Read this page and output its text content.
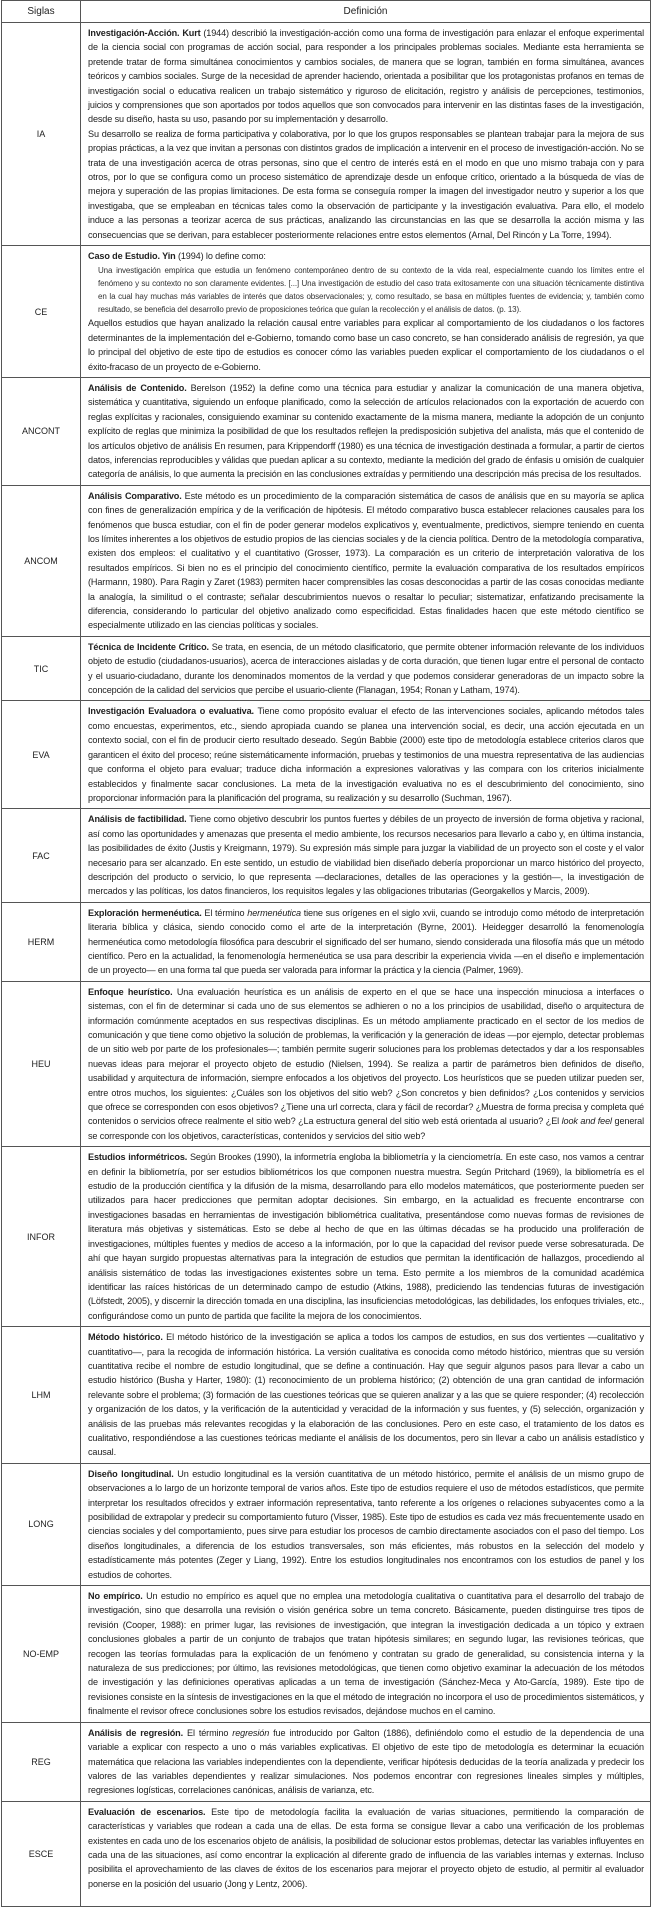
Siglas	Definición
IA	Investigación-Acción. Kurt (1944) describió la investigación-acción como una forma de investigación para enlazar el enfoque experimental de la ciencia social con programas de acción social, para responder a los principales problemas sociales. Mediante esta herramienta se pretende tratar de forma simultánea conocimientos y cambios sociales, de manera que se logran, también en forma simultánea, avances teóricos y cambios sociales. Surge de la necesidad de aprender haciendo, orientada a posibilitar que los protagonistas profanos en temas de investigación social o educativa realicen un trabajo sistemático y riguroso de elicitación, registro y análisis de percepciones, testimonios, juicios y comprensiones que son aportados por todos aquellos que son convocados para intervenir en las distintas fases de la investigación, desde su diseño, hasta su uso, pasando por su implementación y desarrollo.

Su desarrollo se realiza de forma participativa y colaborativa, por lo que los grupos responsables se plantean trabajar para la mejora de sus propias prácticas, a la vez que invitan a personas con distintos grados de implicación a intervenir en el proceso de investigación-acción. No se trata de una investigación acerca de otras personas, sino que el centro de interés está en el modo en que uno mismo trabaja con y para otros, por lo que se configura como un proceso sistemático de aprendizaje desde un enfoque crítico, orientado a la búsqueda de vías de mejora y superación de las propias limitaciones. De esta forma se conseguía romper la imagen del investigador neutro y superior a los que investigaba, que se empleaban en técnicas tales como la observación de participante y la investigación evaluativa. Para ello, el modelo induce a las personas a teorizar acerca de sus prácticas, analizando las circunstancias en las que se desarrolla la acción misma y las consecuencias que se derivan, para establecer posteriormente relaciones entre estos elementos (Arnal, Del Rincón y La Torre, 1994).

CE	Caso de Estudio. Yin (1994) lo define como:

Una investigación empírica que estudia un fenómeno contemporáneo dentro de su contexto de la vida real, especialmente cuando los límites entre el fenómeno y su contexto no son claramente evidentes. [...] Una investigación de estudio del caso trata exitosamente con una situación técnicamente distintiva en la cual hay muchas más variables de interés que datos observacionales; y, como resultado, se basa en múltiples fuentes de evidencia; y, también como resultado, se beneficia del desarrollo previo de proposiciones teórica que guían la recolección y el análisis de datos. (p. 13).

Aquellos estudios que hayan analizado la relación causal entre variables para explicar al comportamiento de los ciudadanos o los factores determinantes de la implementación del e-Gobierno, tomando como base un caso concreto, se han considerado análisis de regresión, ya que lo principal del objetivo de este tipo de estudios es conocer cómo las variables pueden explicar el comportamiento de los ciudadanos o el éxito-fracaso de un proyecto de e-Gobierno.

ANCONT	Análisis de Contenido. Berelson (1952) la define como una técnica para estudiar y analizar la comunicación de una manera objetiva, sistemática y cuantitativa, siguiendo un enfoque planificado, como la selección de artículos relacionados con la exportación de acuerdo con reglas explícitas y racionales, consiguiendo examinar su contenido exactamente de la misma manera, mediante la adopción de un conjunto explícito de reglas que minimiza la posibilidad de que los resultados reflejen la predisposición subjetiva del analista, más que el contenido de los artículos objetivo de análisis En resumen, para Krippendorff (1980) es una técnica de investigación destinada a formular, a partir de ciertos datos, inferencias reproducibles y válidas que puedan aplicar a su contexto, mediante la medición del grado de énfasis u omisión de cualquier categoría de análisis, lo que aumenta la precisión en las conclusiones extraídas y permitiendo una descripción más precisa de los resultados.

ANCOM	Análisis Comparativo. Este método es un procedimiento de la comparación sistemática de casos de análisis que en su mayoría se aplica con fines de generalización empírica y de la verificación de hipótesis. El método comparativo busca establecer relaciones causales para los fenómenos que busca estudiar, con el fin de poder generar modelos explicativos y, eventualmente, predictivos, siempre teniendo en cuenta los límites inherentes a los objetivos de estudio propios de las ciencias sociales y de la ciencia política. Dentro de la metodología comparativa, existen dos empleos: el cualitativo y el cuantitativo (Grosser, 1973). La comparación es un criterio de interpretación valorativa de los resultados empíricos. Si bien no es el principio del conocimiento científico, permite la evaluación comparativa de los resultados empíricos (Harmann, 1980). Para Ragin y Zaret (1983) permiten hacer comprensibles las cosas desconocidas a partir de las cosas conocidas mediante la analogía, la similitud o el contraste; señalar descubrimientos nuevos o resaltar lo peculiar; sistematizar, enfatizando precisamente la diferencia, considerando lo particular del objetivo analizado como especificidad. Estas finalidades hacen que este método científico se especialmente utilizado en las ciencias políticas y sociales.

TIC	Técnica de Incidente Crítico. Se trata, en esencia, de un método clasificatorio, que permite obtener información relevante de los individuos objeto de estudio (ciudadanos-usuarios), acerca de interacciones aisladas y de corta duración, que tienen lugar entre el personal de contacto y el usuario-ciudadano, durante los denominados momentos de la verdad y que podemos considerar generadoras de un impacto sobre la concepción de la calidad del servicios que percibe el usuario-cliente (Flanagan, 1954; Ronan y Latham, 1974).

EVA	Investigación Evaluadora o evaluativa. Tiene como propósito evaluar el efecto de las intervenciones sociales, aplicando métodos tales como encuestas, experimentos, etc., siendo apropiada cuando se planea una intervención social, es decir, una acción ejecutada en un contexto social, con el fin de producir cierto resultado deseado. Según Babbie (2000) este tipo de metodología establece criterios claros que garanticen el éxito del proceso; reúne sistemáticamente información, pruebas y testimonios de una muestra representativa de las audiencias que conforma el objeto para evaluar; traduce dicha información a expresiones valorativas y las compara con los criterios inicialmente establecidos y finalmente sacar conclusiones. La meta de la investigación evaluativa no es el descubrimiento del conocimiento, sino proporcionar información para la planificación del programa, su realización y su desarrollo (Suchman, 1967).

FAC	Análisis de factibilidad. Tiene como objetivo descubrir los puntos fuertes y débiles de un proyecto de inversión de forma objetiva y racional, así como las oportunidades y amenazas que presenta el medio ambiente, los recursos necesarios para llevarlo a cabo y, en última instancia, las posibilidades de éxito (Justis y Kreigmann, 1979). Su expresión más simple para juzgar la viabilidad de un proyecto son el coste y el valor necesario para ser alcanzado. En este sentido, un estudio de viabilidad bien diseñado debería proporcionar un marco histórico del proyecto, descripción del producto o servicio, lo que representa —declaraciones, detalles de las operaciones y la gestión—, la investigación de mercados y las políticas, los datos financieros, los requisitos legales y las obligaciones tributarias (Georgakellos y Marcis, 2009).

HERM	Exploración hermenéutica. El término hermenéutica tiene sus orígenes en el siglo xvii, cuando se introdujo como método de interpretación literaria bíblica y clásica, siendo conocido como el arte de la interpretación (Byrne, 2001). Heidegger desarrolló la fenomenología hermenéutica como metodología filosófica para descubrir el significado del ser humano, siendo considerada una filosofía más que un método científico. Pero en la actualidad, la fenomenología hermenéutica se usa para describir la experiencia vivida —en el diseño e implementación de un proyecto— en una forma tal que pueda ser valorada para informar la práctica y la ciencia (Palmer, 1969).

HEU	Enfoque heurístico. Una evaluación heurística es un análisis de experto en el que se hace una inspección minuciosa a interfaces o sistemas, con el fin de determinar si cada uno de sus elementos se adhieren o no a los principios de usabilidad, diseño o arquitectura de información comúnmente aceptados en sus respectivas disciplinas. Es un método ampliamente practicado en el sector de los medios de comunicación y que tiene como objetivo la solución de problemas, la verificación y la generación de ideas —por ejemplo, detectar problemas de un sitio web por parte de los profesionales—; también permite sugerir soluciones para los problemas detectados y dar a los responsables nuevas ideas para mejorar el proyecto objeto de estudio (Nielsen, 1994). Se realiza a partir de parámetros bien definidos de diseño, usabilidad y arquitectura de información, siempre enfocados a los objetivos del proyecto. Los heurísticos que se pueden utilizar pueden ser, entre otros muchos, los siguientes: ¿Cuáles son los objetivos del sitio web? ¿Son concretos y bien definidos? ¿Los contenidos y servicios que ofrece se corresponden con esos objetivos? ¿Tiene una url correcta, clara y fácil de recordar? ¿Muestra de forma precisa y completa qué contenidos o servicios ofrece realmente el sitio web? ¿La estructura general del sitio web está orientada al usuario? ¿El look and feel general se corresponde con los objetivos, características, contenidos y servicios del sitio web?

INFOR	Estudios informétricos. Según Brookes (1990), la informetría engloba la bibliometría y la cienciometría. En este caso, nos vamos a centrar en definir la bibliometría, por ser estudios bibliométricos los que componen nuestra muestra. Según Pritchard (1969), la bibliometría es el estudio de la producción científica y la difusión de la misma, desarrollando para ello modelos matemáticos, que posteriormente pueden ser utilizados para hacer predicciones que permitan adoptar decisiones. Sin embargo, en la actualidad es frecuente encontrarse con investigaciones basadas en herramientas de investigación bibliométrica cualitativa, presentándose como nuevas formas de revisiones de literatura más objetivas y sistemáticas. Esto se debe al hecho de que en las últimas décadas se ha producido una proliferación de investigaciones, múltiples fuentes y medios de acceso a la información, por lo que la capacidad del revisor puede verse sobresaturada. De ahí que hayan surgido propuestas alternativas para la integración de estudios que permitan la identificación de hallazgos, procediendo al análisis sistemático de todas las investigaciones existentes sobre un tema. Esto permite a los miembros de la comunidad académica identificar las raíces históricas de un determinado campo de estudio (Atkins, 1988), prediciendo las tendencias futuras de investigación (Löfstedt, 2005), y discernir la dirección tomada en una disciplina, las insuficiencias metodológicas, las debilidades, los enfoques triviales, etc., configurándose como un punto de partida que facilite la mejora de los conocimientos.

LHM	Método histórico. El método histórico de la investigación se aplica a todos los campos de estudios, en sus dos vertientes —cualitativo y cuantitativo—, para la recogida de información histórica. La versión cualitativa es conocida como método histórico, mientras que su versión cuantitativa recibe el nombre de estudio longitudinal, que se define a continuación. Hay que seguir algunos pasos para llevar a cabo un estudio histórico (Busha y Harter, 1980): (1) reconocimiento de un problema histórico; (2) obtención de una gran cantidad de información relevante sobre el problema; (3) formación de las cuestiones teóricas que se quieren analizar y a las que se quiere responder; (4) recolección y organización de los datos, y la verificación de la autenticidad y veracidad de la información y sus fuentes, y (5) selección, organización y análisis de las pruebas más relevantes recogidas y la elaboración de las conclusiones. Pero en este caso, el tratamiento de los datos es cualitativo, respondiéndose a las cuestiones teóricas mediante el análisis de los documentos, pero sin llevar a cabo un análisis estadístico y causal.

LONG	Diseño longitudinal. Un estudio longitudinal es la versión cuantitativa de un método histórico, permite el análisis de un mismo grupo de observaciones a lo largo de un horizonte temporal de varios años. Este tipo de estudios requiere el uso de métodos estadísticos, que permite interpretar los resultados ofrecidos y extraer información representativa, tanto referente a los orígenes o relaciones subyacentes como a la posibilidad de extrapolar y predecir su comportamiento futuro (Visser, 1985). Este tipo de estudios es cada vez más frecuentemente usado en ciencias sociales y del comportamiento, pues sirve para estudiar los procesos de cambio directamente asociados con el paso del tiempo. Los diseños longitudinales, a diferencia de los estudios transversales, son más eficientes, más robustos en la selección del modelo y estadísticamente más potentes (Zeger y Liang, 1992). Entre los estudios longitudinales nos encontramos con los estudios de panel y los estudios de cohortes.

NO-EMP	No empírico. Un estudio no empírico es aquel que no emplea una metodología cualitativa o cuantitativa para el desarrollo del trabajo de investigación, sino que desarrolla una revisión o visión genérica sobre un tema concreto. Básicamente, pueden distinguirse tres tipos de revisión (Cooper, 1988): en primer lugar, las revisiones de investigación, que integran la investigación dedicada a un tópico y extraen conclusiones globales a partir de un conjunto de trabajos que tratan hipótesis similares; en segundo lugar, las revisiones teóricas, que recogen las teorías formuladas para la explicación de un fenómeno y contratan su grado de generalidad, su consistencia interna y la naturaleza de sus predicciones; por último, las revisiones metodológicas, que tienen como objetivo examinar la adecuación de los métodos de investigación y las definiciones operativas aplicadas a un tema de investigación (Sánchez-Meca y Ato-García, 1989). Este tipo de revisiones consiste en la síntesis de investigaciones en la que el método de integración no incorpora el uso de procedimientos sistemáticos, y finalmente el revisor ofrece conclusiones sobre los estudios revisados, dejándose muchos en el camino.

REG	Análisis de regresión. El término regresión fue introducido por Galton (1886), definiéndolo como el estudio de la dependencia de una variable a explicar con respecto a uno o más variables explicativas. El objetivo de este tipo de metodología es determinar la ecuación matemática que relaciona las variables independientes con la dependiente, verificar hipótesis deducidas de la teoría analizada y predecir los valores de las variables dependientes y realizar simulaciones. Nos podemos encontrar con regresiones lineales simples y múltiples, regresiones logísticas, correlaciones canónicas, análisis de varianza, etc.

ESCE	Evaluación de escenarios. Este tipo de metodología facilita la evaluación de varias situaciones, permitiendo la comparación de características y variables que rodean a cada una de ellas. De esta forma se consigue llevar a cabo una verificación de los problemas existentes en cada uno de los escenarios objeto de análisis, la posibilidad de solucionar estos problemas, detectar las variables influyentes en cada una de las situaciones, así como encontrar la explicación al diferente grado de influencia de las variables internas y externas. Incluso posibilita el aprovechamiento de las claves de éxitos de los escenarios para mejorar el proyecto objeto de estudio, al permitir al evaluador ponerse en la posición del usuario (Jong y Lentz, 2006).
